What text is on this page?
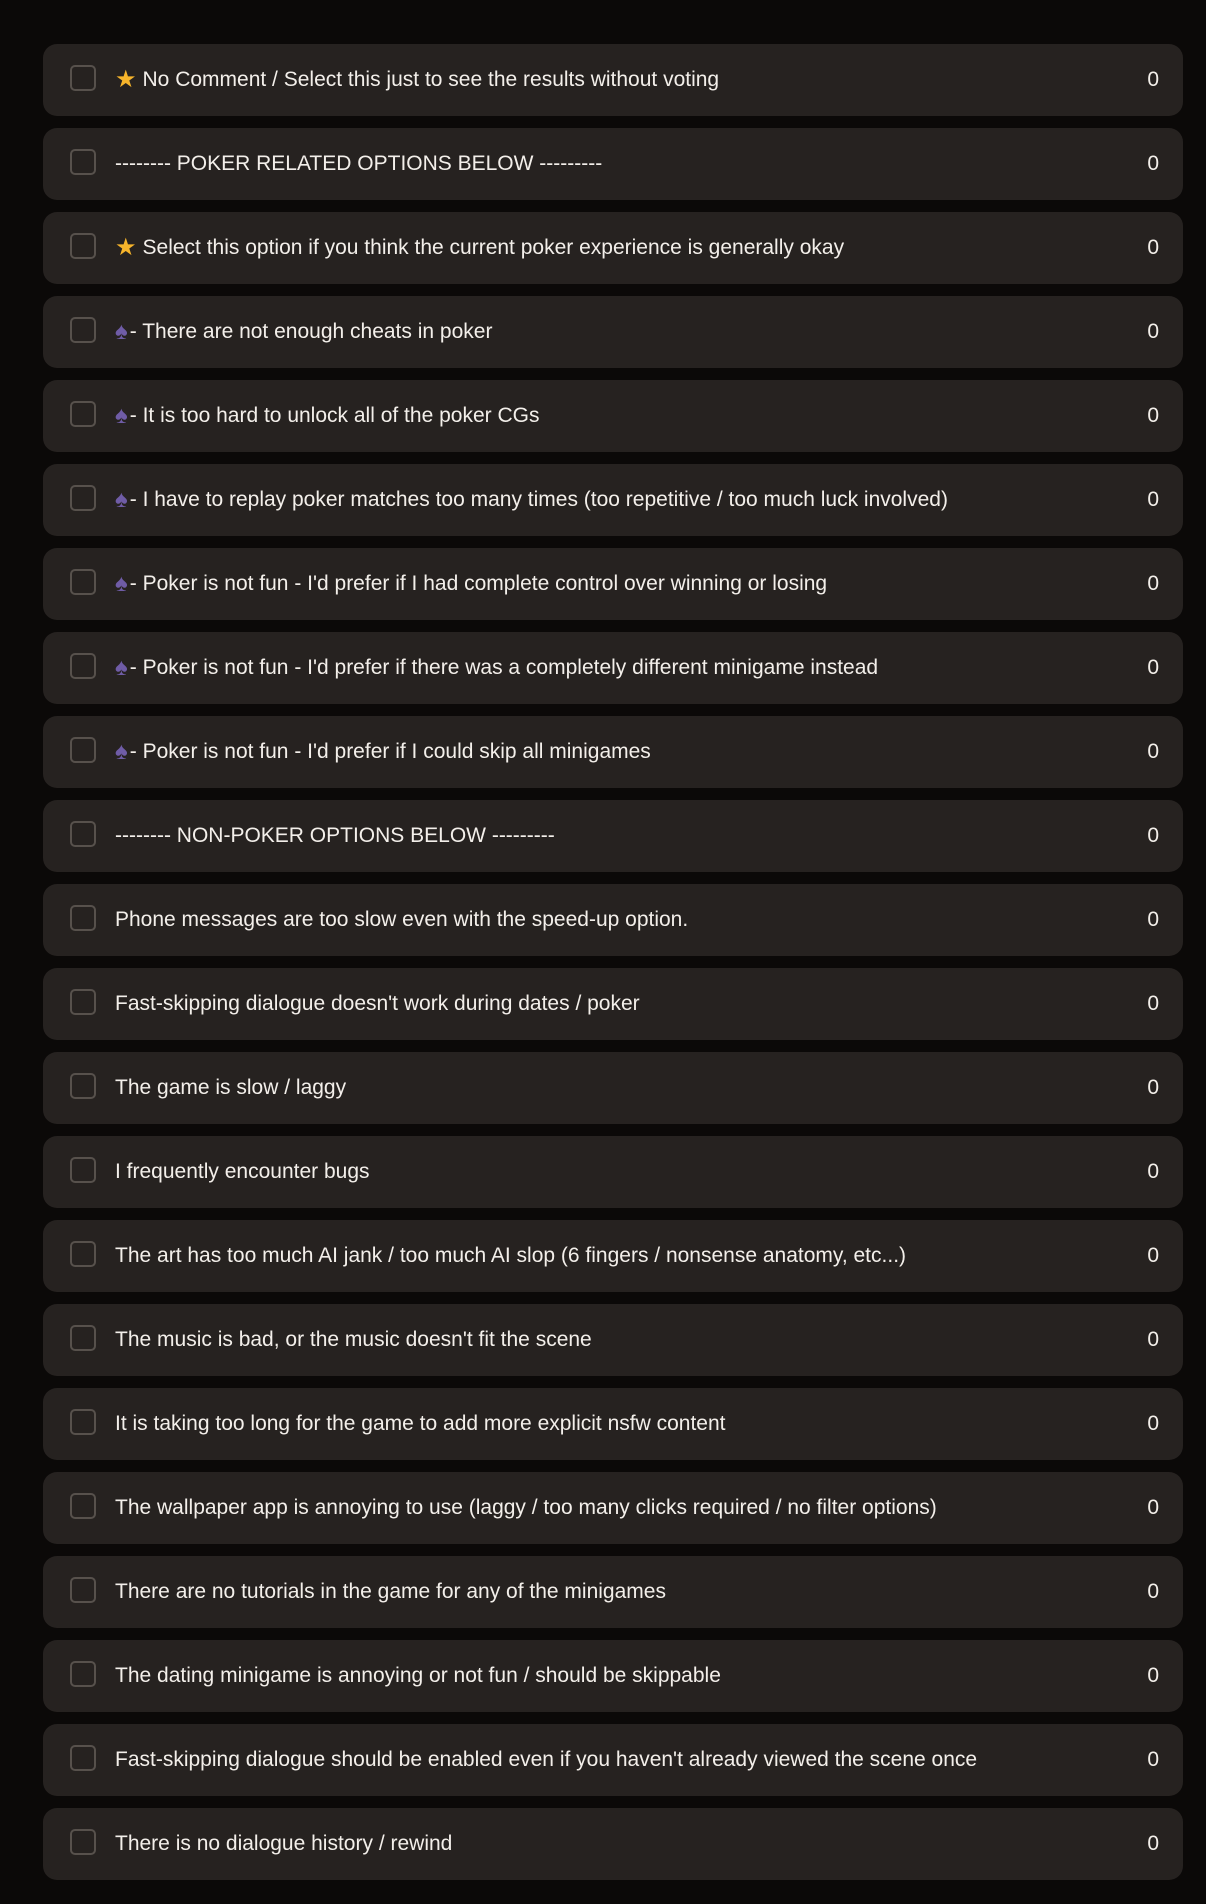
★ No Comment / Select this just to see the results without voting	0
-------- POKER RELATED OPTIONS BELOW ---------	0
★ Select this option if you think the current poker experience is generally okay	0
♠ - There are not enough cheats in poker	0
♠ - It is too hard to unlock all of the poker CGs	0
♠ - I have to replay poker matches too many times (too repetitive / too much luck involved)	0
♠ - Poker is not fun - I'd prefer if I had complete control over winning or losing	0
♠ - Poker is not fun - I'd prefer if there was a completely different minigame instead	0
♠ - Poker is not fun - I'd prefer if I could skip all minigames	0
-------- NON-POKER OPTIONS BELOW ---------	0
Phone messages are too slow even with the speed-up option.	0
Fast-skipping dialogue doesn't work during dates / poker	0
The game is slow / laggy	0
I frequently encounter bugs	0
The art has too much AI jank / too much AI slop (6 fingers / nonsense anatomy, etc...)	0
The music is bad, or the music doesn't fit the scene	0
It is taking too long for the game to add more explicit nsfw content	0
The wallpaper app is annoying to use (laggy / too many clicks required / no filter options)	0
There are no tutorials in the game for any of the minigames	0
The dating minigame is annoying or not fun / should be skippable	0
Fast-skipping dialogue should be enabled even if you haven't already viewed the scene once	0
There is no dialogue history / rewind	0
